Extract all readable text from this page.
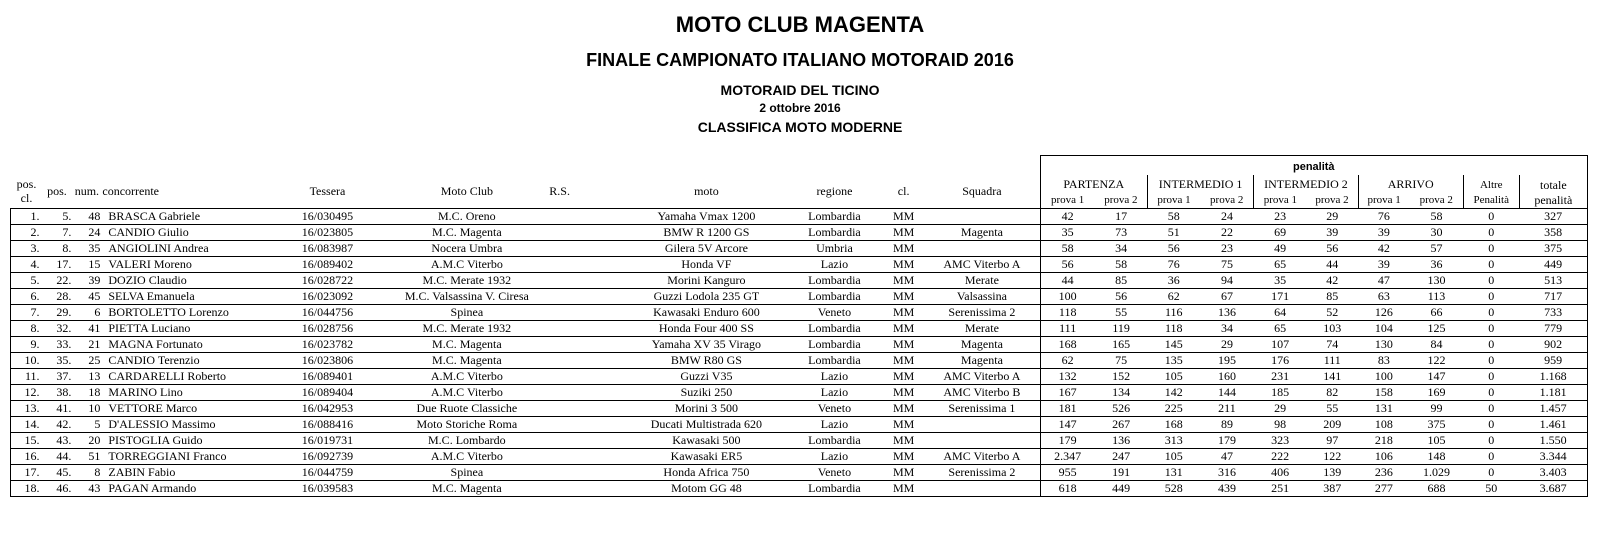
MOTO CLUB MAGENTA
FINALE CAMPIONATO ITALIANO MOTORAID 2016
MOTORAID DEL TICINO
2 ottobre 2016
CLASSIFICA MOTO MODERNE
											penalità									
pos. cl.	pos.	num.	concorrente	Tessera	Moto Club	R.S.	moto	regione	cl.	Squadra	PARTENZA		INTERMEDIO 1		INTERMEDIO 2		ARRIVO		Altre Penalità	totale penalità
											prova 1	prova 2	prova 1	prova 2	prova 1	prova 2	prova 1	prova 2		
1.	5.	48	BRASCA Gabriele	16/030495	M.C. Oreno		Yamaha Vmax 1200	Lombardia	MM		42	17	58	24	23	29	76	58	0	327
2.	7.	24	CANDIO Giulio	16/023805	M.C. Magenta		BMW R 1200 GS	Lombardia	MM	Magenta	35	73	51	22	69	39	39	30	0	358
3.	8.	35	ANGIOLINI Andrea	16/083987	Nocera Umbra		Gilera 5V Arcore	Umbria	MM		58	34	56	23	49	56	42	57	0	375
4.	17.	15	VALERI Moreno	16/089402	A.M.C Viterbo		Honda VF	Lazio	MM	AMC Viterbo A	56	58	76	75	65	44	39	36	0	449
5.	22.	39	DOZIO Claudio	16/028722	M.C. Merate 1932		Morini Kanguro	Lombardia	MM	Merate	44	85	36	94	35	42	47	130	0	513
6.	28.	45	SELVA Emanuela	16/023092	M.C. Valsassina V. Ciresa		Guzzi Lodola 235 GT	Lombardia	MM	Valsassina	100	56	62	67	171	85	63	113	0	717
7.	29.	6	BORTOLETTO Lorenzo	16/044756	Spinea		Kawasaki Enduro 600	Veneto	MM	Serenissima 2	118	55	116	136	64	52	126	66	0	733
8.	32.	41	PIETTA Luciano	16/028756	M.C. Merate 1932		Honda Four 400 SS	Lombardia	MM	Merate	111	119	118	34	65	103	104	125	0	779
9.	33.	21	MAGNA Fortunato	16/023782	M.C. Magenta		Yamaha XV 35 Virago	Lombardia	MM	Magenta	168	165	145	29	107	74	130	84	0	902
10.	35.	25	CANDIO Terenzio	16/023806	M.C. Magenta		BMW R80 GS	Lombardia	MM	Magenta	62	75	135	195	176	111	83	122	0	959
11.	37.	13	CARDARELLI Roberto	16/089401	A.M.C Viterbo		Guzzi V35	Lazio	MM	AMC Viterbo A	132	152	105	160	231	141	100	147	0	1.168
12.	38.	18	MARINO Lino	16/089404	A.M.C Viterbo		Suziki 250	Lazio	MM	AMC Viterbo B	167	134	142	144	185	82	158	169	0	1.181
13.	41.	10	VETTORE Marco	16/042953	Due Ruote Classiche		Morini 3 500	Veneto	MM	Serenissima 1	181	526	225	211	29	55	131	99	0	1.457
14.	42.	5	D'ALESSIO Massimo	16/088416	Moto Storiche Roma		Ducati Multistrada 620	Lazio	MM		147	267	168	89	98	209	108	375	0	1.461
15.	43.	20	PISTOGLIA Guido	16/019731	M.C. Lombardo		Kawasaki 500	Lombardia	MM		179	136	313	179	323	97	218	105	0	1.550
16.	44.	51	TORREGGIANI Franco	16/092739	A.M.C Viterbo		Kawasaki ER5	Lazio	MM	AMC Viterbo A	2.347	247	105	47	222	122	106	148	0	3.344
17.	45.	8	ZABIN Fabio	16/044759	Spinea		Honda Africa 750	Veneto	MM	Serenissima 2	955	191	131	316	406	139	236	1.029	0	3.403
18.	46.	43	PAGAN Armando	16/039583	M.C. Magenta		Motom GG 48	Lombardia	MM		618	449	528	439	251	387	277	688	50	3.687
